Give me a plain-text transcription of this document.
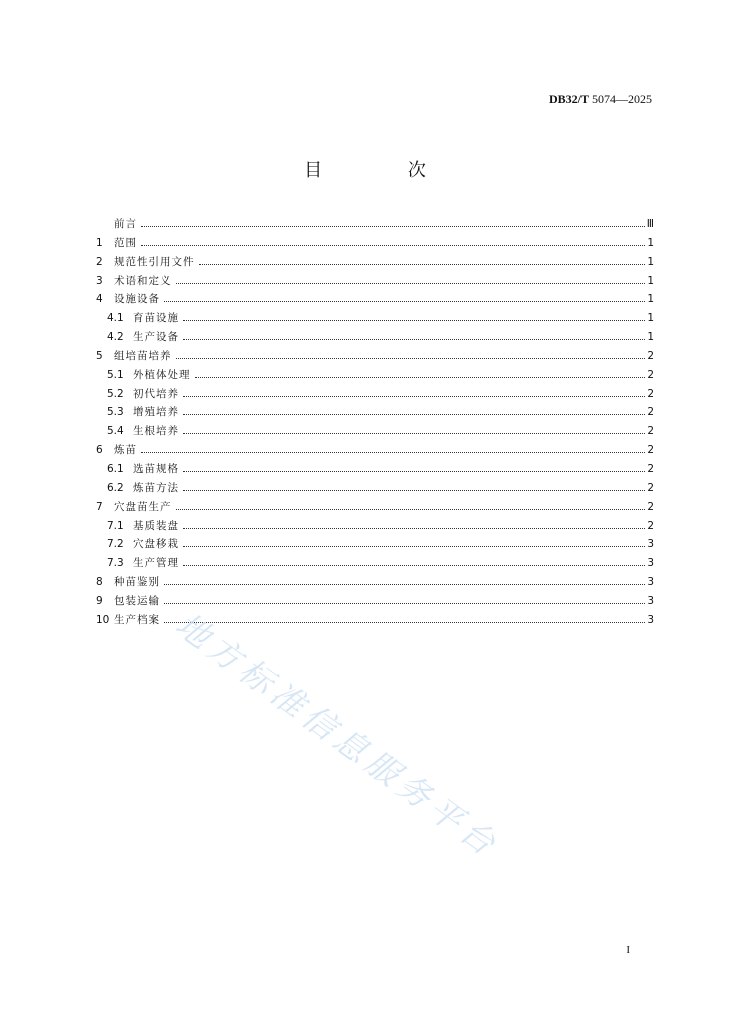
DB32/T 5074—2025
目 次
前言	Ⅲ
1	范围	1
2	规范性引用文件	1
3	术语和定义	1
4	设施设备	1
4.1 育苗设施	1
4.2 生产设备	1
5	组培苗培养	2
5.1 外植体处理	2
5.2 初代培养	2
5.3 增殖培养	2
5.4 生根培养	2
6	炼苗	2
6.1 选苗规格	2
6.2 炼苗方法	2
7	穴盘苗生产	2
7.1 基质装盘	2
7.2 穴盘移栽	3
7.3 生产管理	3
8	种苗鉴别	3
9	包装运输	3
10 生产档案	3
地方标准信息服务平台
I
